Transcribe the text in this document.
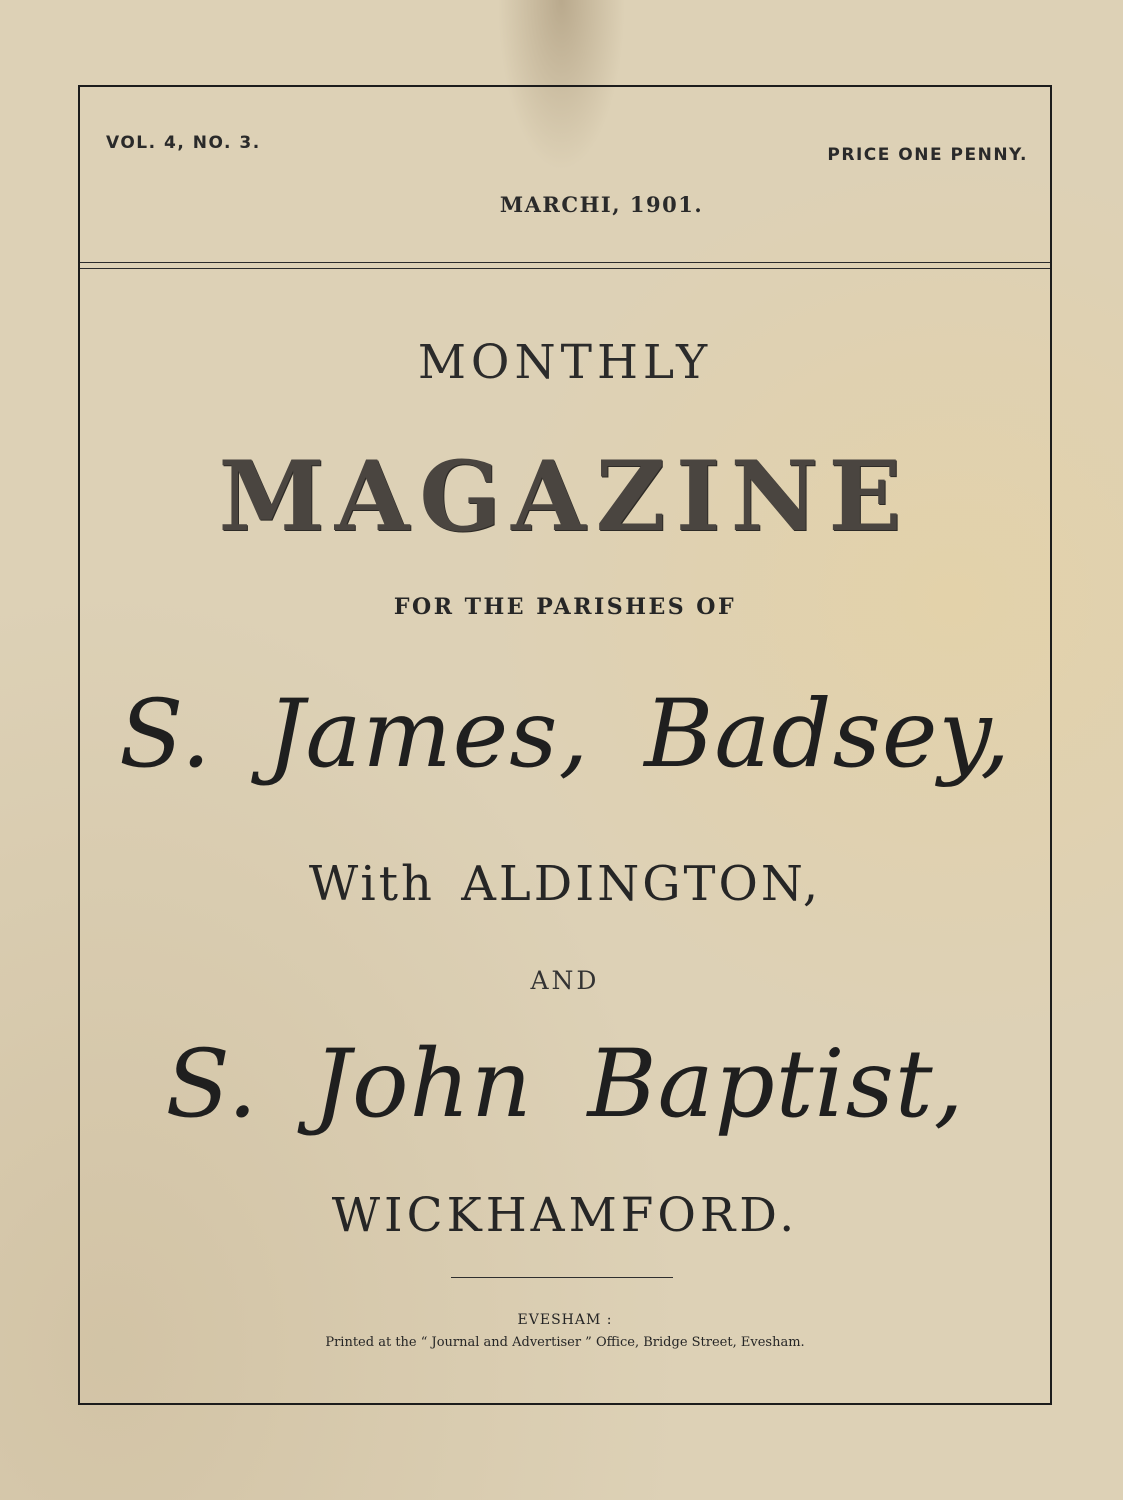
VOL. 4, NO. 3.
PRICE ONE PENNY.
MARCHI, 1901.
MONTHLY
MAGAZINE
FOR THE PARISHES OF
S. James, Badsey,
With ALDINGTON,
AND
S. John Baptist,
WICKHAMFORD.
EVESHAM :
Printed at the “ Journal and Advertiser ” Office, Bridge Street, Evesham.
